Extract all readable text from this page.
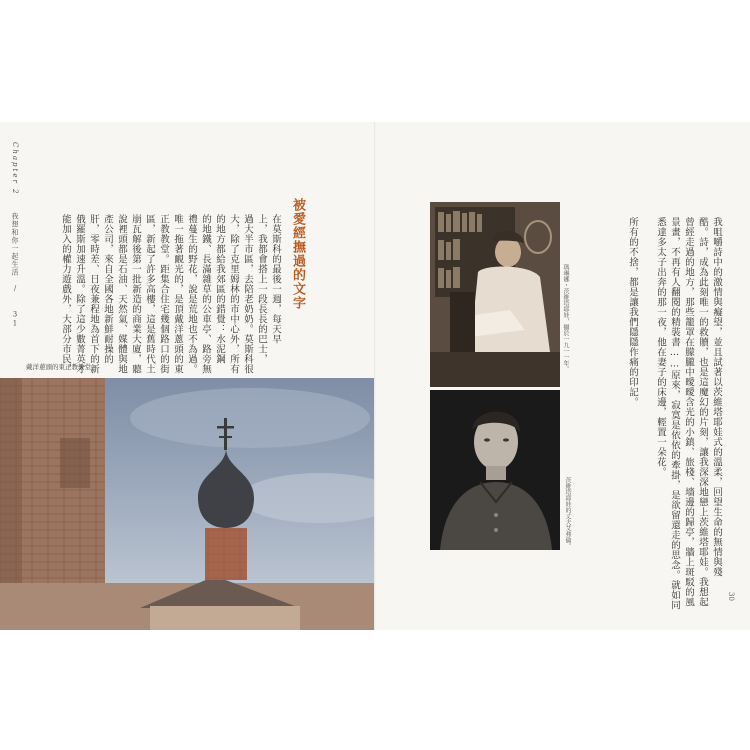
Chapter 2　 我想和你一起生活　/　 31
被愛經撫過的文字
在莫斯科的最後一週，每天早
上，我都會搭上一段長長的巴士，
過大半市區，去陪老奶奶。莫斯科很
大，除了克里姆林的市中心外，所有
的地方都給我郊區的錯覺：水泥鋼
的地鐵、長滿雜草的公車亭、路旁無
禮蔓生的野花，說是荒地也不為過。
唯一拖著靦光的，是頂戴洋蔥頭的東
正教教堂。距集合住宅幾個路口的街
區，新起了許多高樓，這是舊時代土
崩瓦解後第一批新造的商業大廈，聽
說裡頭都是石油、天然氣、媒體與地
產公司，來自全國各地新鮮耐操的
肝，零時差、日夜兼程地為首下的新
俄羅斯加速升溫。除了這少數菁英才
能加入的權力遊戲外，大部分市民，
戴洋蔥頭的東正教教堂。	我咀嚼詩中的激情與癡望，並且試著以茨維塔耶娃式的溫柔，回望生命的無情與殘
酷。詩，成為此刻唯一的救贖，也是這魔幻的片刻，讓我深深地戀上茨維塔耶娃。我想起
曾經走過的地方，那些籠罩在朦朧中曖曖含光的小鎮、旅棧、墻邊的歸亭，牆上斑駁的風
景畫，不再有人翻閱的精裝書……原來，寂寞是依依的牽掛，是欲留還走的思念。就如同
悉達多太子出奔的那一夜，他在妻子的床邊，輕置一朵花。
所有的不捨，都是讓我們隱隱作痛的印記。
瑪琳娜・茨維塔耶娃，攝於一九一一年。
茨維塔耶娃的丈夫艾弗倫。
30
